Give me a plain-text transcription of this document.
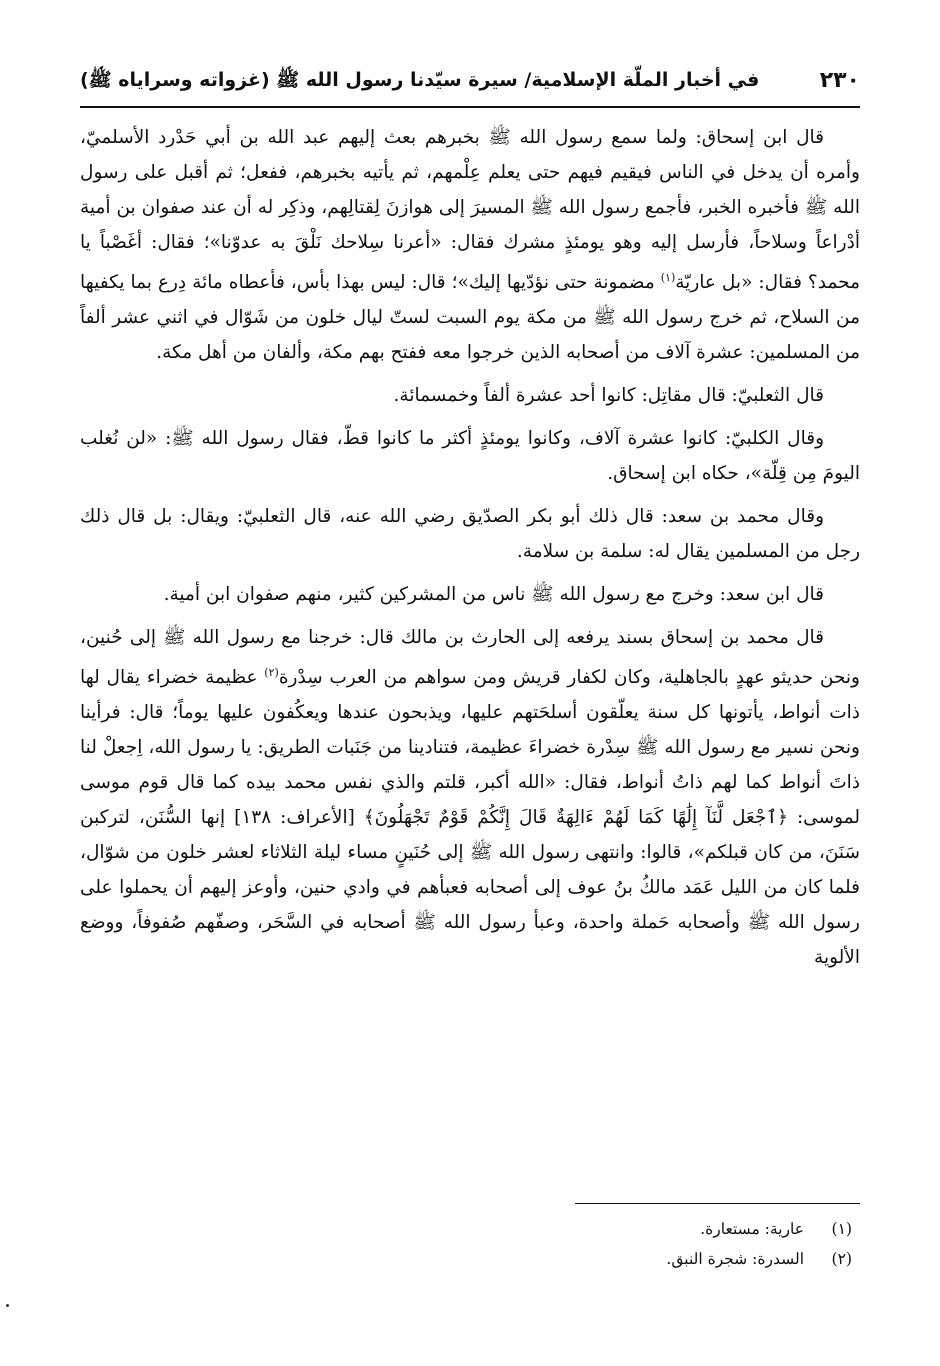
٢٣٠
في أخبار الملّة الإسلامية/ سيرة سيّدنا رسول الله ﷺ (غزواته وسراياه ﷺ)

قال ابن إسحاق: ولما سمع رسول الله ﷺ بخبرهم بعث إليهم عبد الله بن أبي حَدْرد الأسلميّ، وأمره أن يدخل في الناس فيقيم فيهم حتى يعلم عِلْمهم، ثم يأتيه بخبرهم، ففعل؛ ثم أقبل على رسول الله ﷺ فأخبره الخبر، فأجمع رسول الله ﷺ المسيرَ إلى هوازنَ لِقتالِهم، وذكِر له أن عند صفوان بن أمية أدْراعاً وسلاحاً، فأرسل إليه وهو يومئذٍ مشرك فقال: «أعرنا سِلاحك نَلْقَ به عدوّنا»؛ فقال: أغَصْباً يا محمد؟ فقال: «بل عاريّة$^{(١)}$ مضمونة حتى نؤدّيها إليك»؛ قال: ليس بهذا بأس، فأعطاه مائة دِرع بما يكفيها من السلاح، ثم خرج رسول الله ﷺ من مكة يوم السبت لستّ ليال خلون من شَوّال في اثني عشر ألفاً من المسلمين: عشرة آلاف من أصحابه الذين خرجوا معه ففتح بهم مكة، وألفان من أهل مكة.

قال الثعلبيّ: قال مقاتِل: كانوا أحد عشرة ألفاً وخمسمائة.

وقال الكلبيّ: كانوا عشرة آلاف، وكانوا يومئذٍ أكثر ما كانوا قطّ، فقال رسول الله ﷺ: «لن نُغلب اليومَ مِن قِلّة»، حكاه ابن إسحاق.

وقال محمد بن سعد: قال ذلك أبو بكر الصدّيق رضي الله عنه، قال الثعلبيّ: ويقال: بل قال ذلك رجل من المسلمين يقال له: سلمة بن سلامة.

قال ابن سعد: وخرج مع رسول الله ﷺ ناس من المشركين كثير، منهم صفوان ابن أمية.

قال محمد بن إسحاق بسند يرفعه إلى الحارث بن مالك قال: خرجنا مع رسول الله ﷺ إلى حُنين، ونحن حديثو عهدٍ بالجاهلية، وكان لكفار قريش ومن سواهم من العرب سِدْرة$^{(٢)}$ عظيمة خضراء يقال لها ذات أنواط، يأتونها كل سنة يعلّقون أسلحَتهم عليها، ويذبحون عندها ويعكُفون عليها يوماً؛ قال: فرأينا ونحن نسير مع رسول الله ﷺ سِدْرة خضراءَ عظيمة، فتنادينا من جَنَبات الطريق: يا رسول الله، اِجعلْ لنا ذاتَ أنواط كما لهم ذاتُ أنواط، فقال: «الله أكبر، قلتم والذي نفس محمد بيده كما قال قوم موسى لموسى: ﴿ٱجْعَل لَّنَآ إِلَٰهًا كَمَا لَهُمْ ءَالِهَةٌ قَالَ إِنَّكُمْ قَوْمٌ تَجْهَلُونَ﴾ [الأعراف: ١٣٨] إنها السُّنَن، لتركبن سَنَنَ، من كان قبلكم»، قالوا: وانتهى رسول الله ﷺ إلى حُنَينٍ مساء ليلة الثلاثاء لعشر خلون من شوّال، فلما كان من الليل عَمَد مالكُ بنُ عوف إلى أصحابه فعبأهم في وادي حنين، وأوعز إليهم أن يحملوا على رسول الله ﷺ وأصحابه حَملة واحدة، وعبأ رسول الله ﷺ أصحابه في السَّحَر، وصفّهم صُفوفاً، ووضع الألوية

(١)
عارية: مستعارة.
(٢)
السدرة: شجرة النبق.
